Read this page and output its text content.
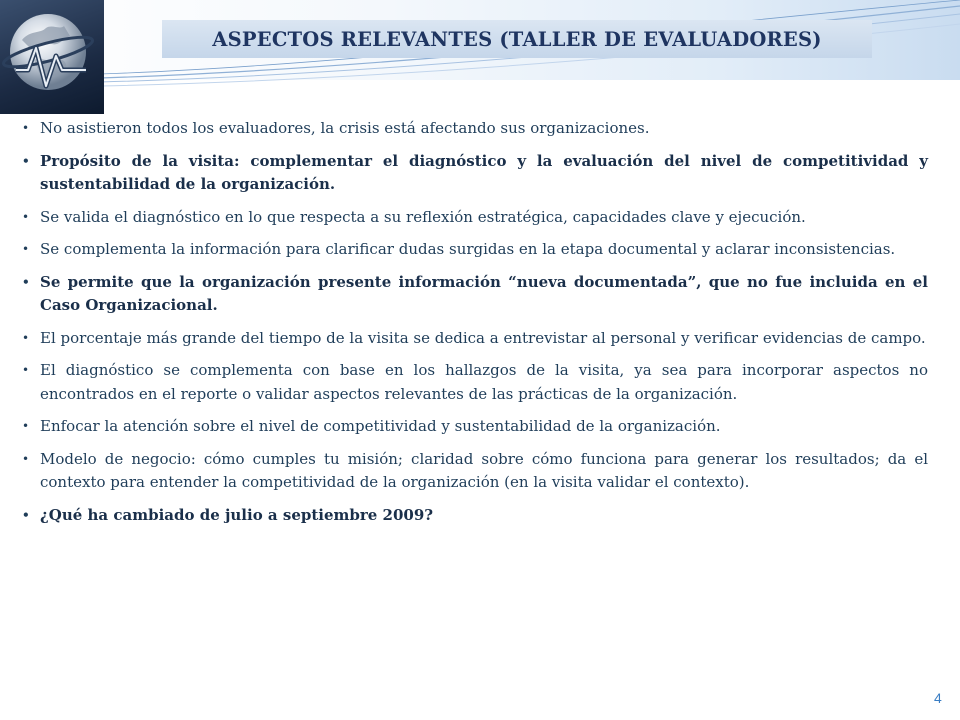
ASPECTOS RELEVANTES (TALLER DE EVALUADORES)
• No asistieron todos los evaluadores, la crisis está afectando sus organizaciones.
• Propósito de la visita: complementar el diagnóstico y la evaluación del nivel de competitividad y sustentabilidad de la organización.
• Se valida el diagnóstico en lo que respecta a su reflexión estratégica, capacidades clave y ejecución.
• Se complementa la información para clarificar dudas surgidas en la etapa documental y aclarar inconsistencias.
• Se permite que la organización presente información “nueva documentada”, que no fue incluida en el Caso Organizacional.
• El porcentaje más grande del tiempo de la visita se dedica a entrevistar al personal y verificar evidencias de campo.
• El diagnóstico se complementa con base en los hallazgos de la visita, ya sea para incorporar aspectos no encontrados en el reporte o validar aspectos relevantes de las prácticas de la organización.
• Enfocar la atención sobre el nivel de competitividad y sustentabilidad de la organización.
• Modelo de negocio: cómo cumples tu misión; claridad sobre cómo funciona para generar los resultados; da el contexto para entender la competitividad de la organización (en la visita validar el contexto).
• ¿Qué ha cambiado de julio a septiembre 2009?
4
